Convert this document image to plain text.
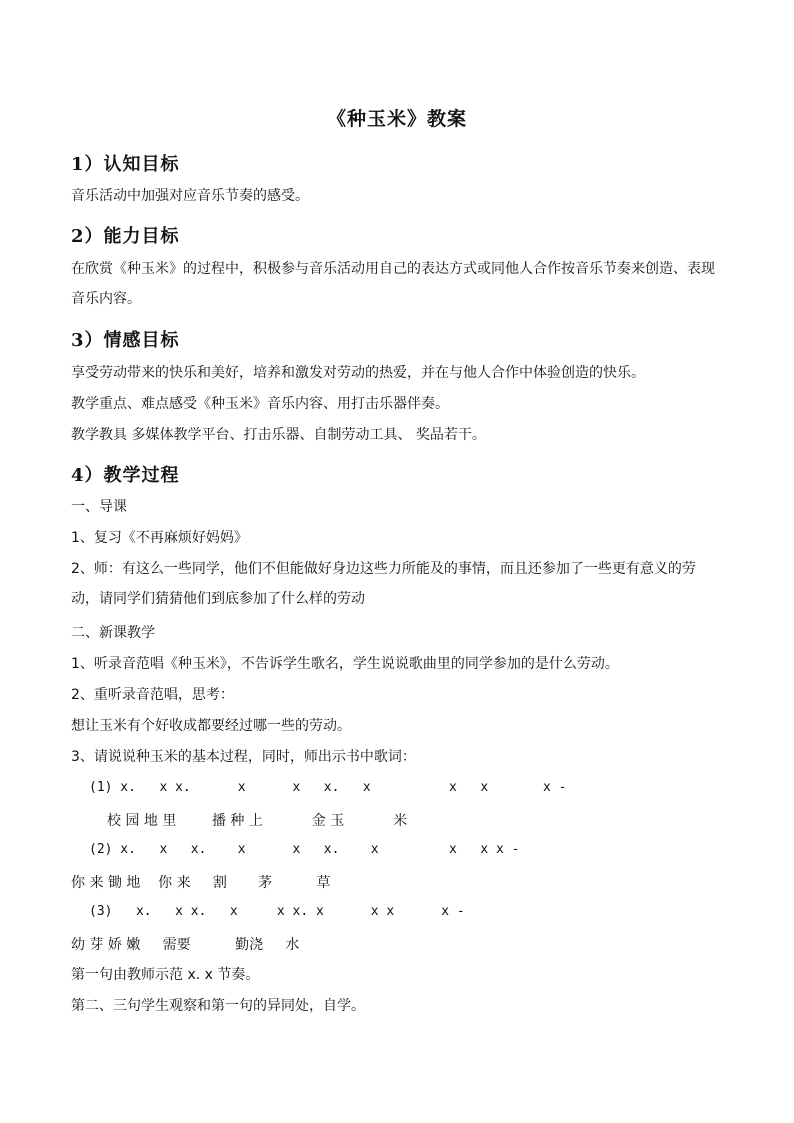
《种玉米》教案
1）认知目标
音乐活动中加强对应音乐节奏的感受。
2）能力目标
在欣赏《种玉米》的过程中，积极参与音乐活动用自己的表达方式或同他人合作按音乐节奏来创造、表现音乐内容。
3）情感目标
享受劳动带来的快乐和美好，培养和激发对劳动的热爱，并在与他人合作中体验创造的快乐。
教学重点、难点感受《种玉米》音乐内容、用打击乐器伴奏。
教学教具 多媒体教学平台、打击乐器、自制劳动工具、 奖品若干。
4）教学过程
一、导课
1、复习《不再麻烦好妈妈》
2、师：有这么一些同学，他们不但能做好身边这些力所能及的事情，而且还参加了一些更有意义的劳动，请同学们猜猜他们到底参加了什么样的劳动
二、新课教学
1、听录音范唱《种玉米》，不告诉学生歌名，学生说说歌曲里的同学参加的是什么劳动。
2、重听录音范唱，思考：
想让玉米有个好收成都要经过哪一些的劳动。
3、请说说种玉米的基本过程，同时，师出示书中歌词：
(1) x.   x x.      x      x   x.   x          x   x       x -
校 园 地 里        播 种 上           金 玉           米
(2) x.   x   x.    x      x   x.    x         x   x x -
你 来 锄 地    你 来     割       茅          草
(3)   x.   x x.   x     x x. x      x x      x -
幼 芽 娇 嫩     需要          勤浇     水
第一句由教师示范 x. x 节奏。
第二、三句学生观察和第一句的异同处，自学。
